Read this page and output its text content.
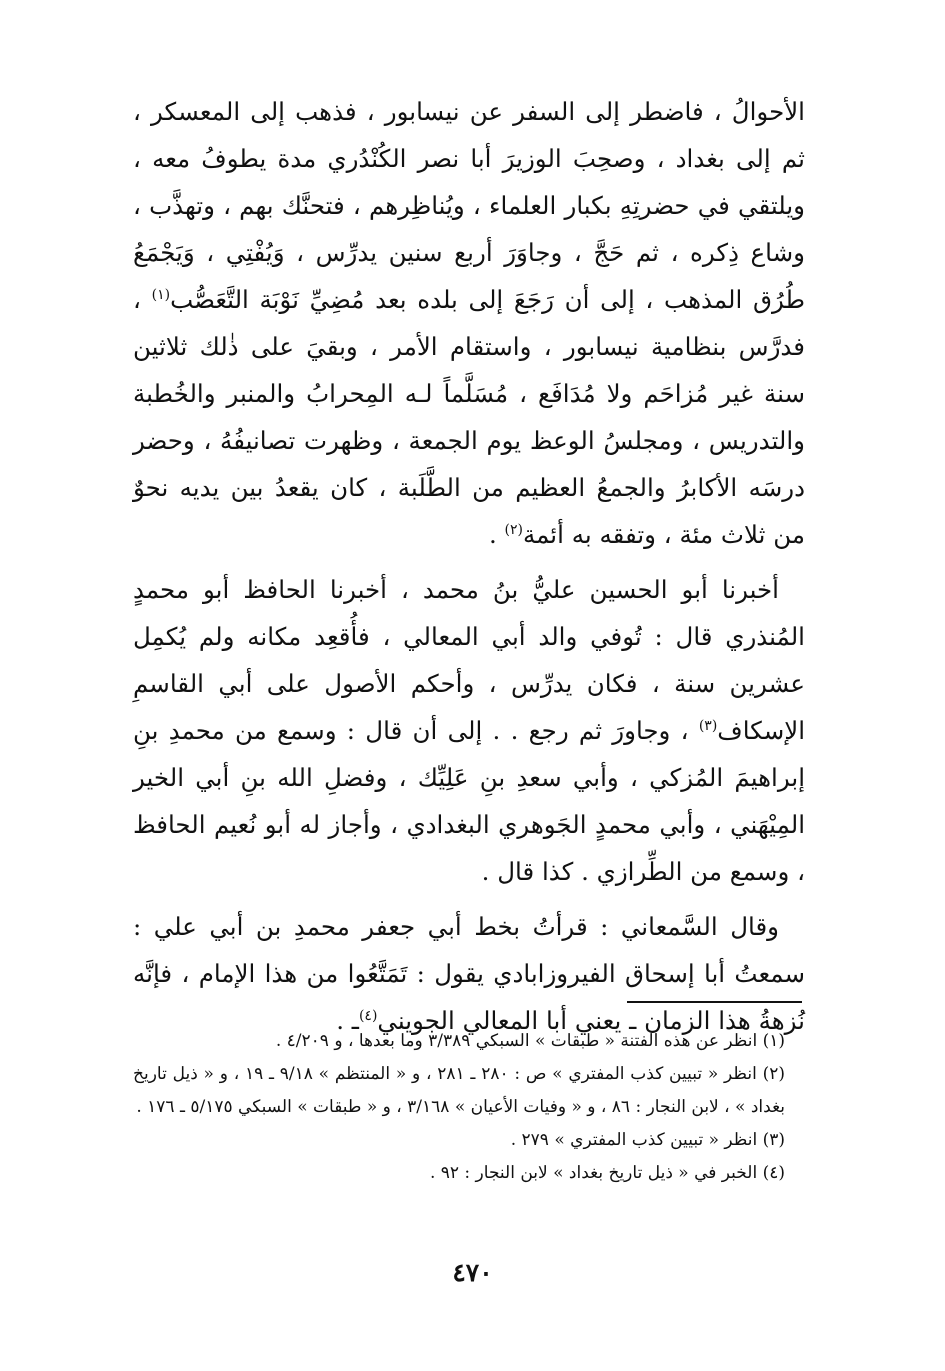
الأحوالُ ، فاضطر إلى السفر عن نيسابور ، فذهب إلى المعسكر ، ثم إلى بغداد ، وصحِبَ الوزيرَ أبا نصر الكُنْدُري مدة يطوفُ معه ، ويلتقي في حضرتِهِ بكبار العلماء ، ويُناظِرهم ، فتحنَّك بهم ، وتهذَّب ، وشاع ذِكره ، ثم حَجَّ ، وجاوَرَ أربع سنين يدرِّس ، وَيُفْتِي ، وَيَجْمَعُ طُرُق المذهب ، إلى أن رَجَعَ إلى بلده بعد مُضِيِّ نَوْبَة التَّعَصُّب$^{(١)}$ ، فدرَّس بنظامية نيسابور ، واستقام الأمر ، وبقيَ على ذٰلك ثلاثين سنة غير مُزاحَم ولا مُدَافَع ، مُسَلَّماً لـه المِحرابُ والمنبر والخُطبة والتدريس ، ومجلسُ الوعظ يوم الجمعة ، وظهرت تصانيفُهُ ، وحضر درسَه الأكابرُ والجمعُ العظيم من الطَّلَبة ، كان يقعدُ بين يديه نحوٌ من ثلاث مئة ، وتفقه به أئمة$^{(٢)}$ .

أخبرنا أبو الحسين عليُّ بنُ محمد ، أخبرنا الحافظ أبو محمدٍ المُنذري قال : تُوفي والد أبي المعالي ، فأُقعِد مكانه ولم يُكمِل عشرين سنة ، فكان يدرِّس ، وأحكم الأصول على أبي القاسمِ الإسكاف$^{(٣)}$ ، وجاورَ ثم رجع . . إلى أن قال : وسمع من محمدِ بنِ إبراهيمَ المُزكي ، وأبي سعدِ بنِ عَلِيِّك ، وفضلِ الله بنِ أبي الخير المِيْهَني ، وأبي محمدٍ الجَوهري البغدادي ، وأجاز له أبو نُعيم الحافظ ، وسمع من الطِّرازي . كذا قال .

وقال السَّمعاني : قرأتُ بخط أبي جعفر محمدِ بن أبي علي : سمعتُ أبا إسحاق الفيروزابادي يقول : تَمَتَّعُوا من هذا الإمام ، فإنَّه نُزهةُ هذا الزمان ـ يعني أبا المعالي الجويني$^{(٤)}$ـ .

(١) انظر عن هذه الفتنة « طبقات » السبكي ٣/٣٨٩ وما بعدها ، و ٤/٢٠٩ .

(٢) انظر « تبيين كذب المفتري » ص : ٢٨٠ ـ ٢٨١ ، و « المنتظم » ٩/١٨ ـ ١٩ ، و « ذيل تاريخ بغداد » ، لابن النجار : ٨٦ ، و « وفيات الأعيان » ٣/١٦٨ ، و « طبقات » السبكي ٥/١٧٥ ـ ١٧٦ .

(٣) انظر « تبيين كذب المفتري » ٢٧٩ .

(٤) الخبر في « ذيل تاريخ بغداد » لابن النجار : ٩٢ .

٤٧٠
